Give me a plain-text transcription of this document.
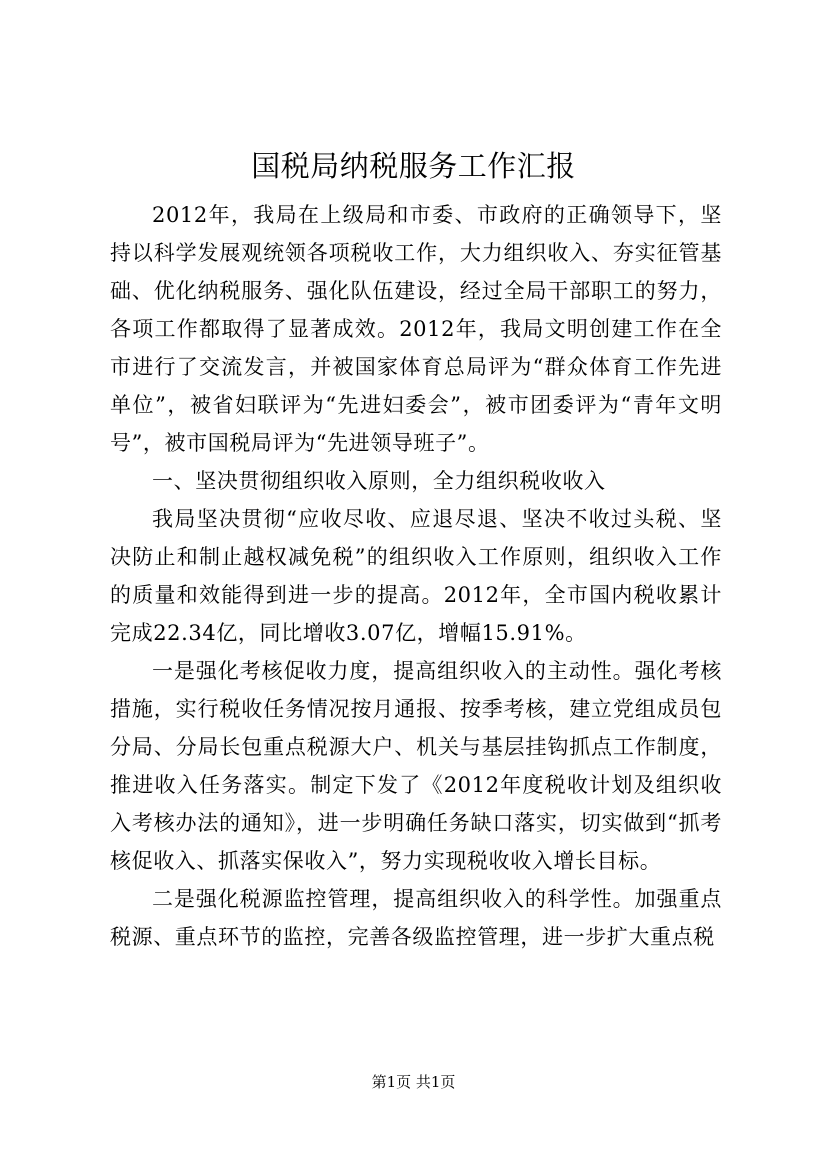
国税局纳税服务工作汇报

2012年，我局在上级局和市委、市政府的正确领导下，坚持以科学发展观统领各项税收工作，大力组织收入、夯实征管基础、优化纳税服务、强化队伍建设，经过全局干部职工的努力，各项工作都取得了显著成效。2012年，我局文明创建工作在全市进行了交流发言，并被国家体育总局评为“群众体育工作先进单位”，被省妇联评为“先进妇委会”，被市团委评为“青年文明号”，被市国税局评为“先进领导班子”。

一、坚决贯彻组织收入原则，全力组织税收收入

我局坚决贯彻“应收尽收、应退尽退、坚决不收过头税、坚决防止和制止越权减免税”的组织收入工作原则，组织收入工作的质量和效能得到进一步的提高。2012年，全市国内税收累计完成22.34亿，同比增收3.07亿，增幅15.91%。

一是强化考核促收力度，提高组织收入的主动性。强化考核措施，实行税收任务情况按月通报、按季考核，建立党组成员包分局、分局长包重点税源大户、机关与基层挂钩抓点工作制度，推进收入任务落实。制定下发了《2012年度税收计划及组织收入考核办法的通知》，进一步明确任务缺口落实，切实做到“抓考核促收入、抓落实保收入”，努力实现税收收入增长目标。

二是强化税源监控管理，提高组织收入的科学性。加强重点税源、重点环节的监控，完善各级监控管理，进一步扩大重点税

第1页 共1页
